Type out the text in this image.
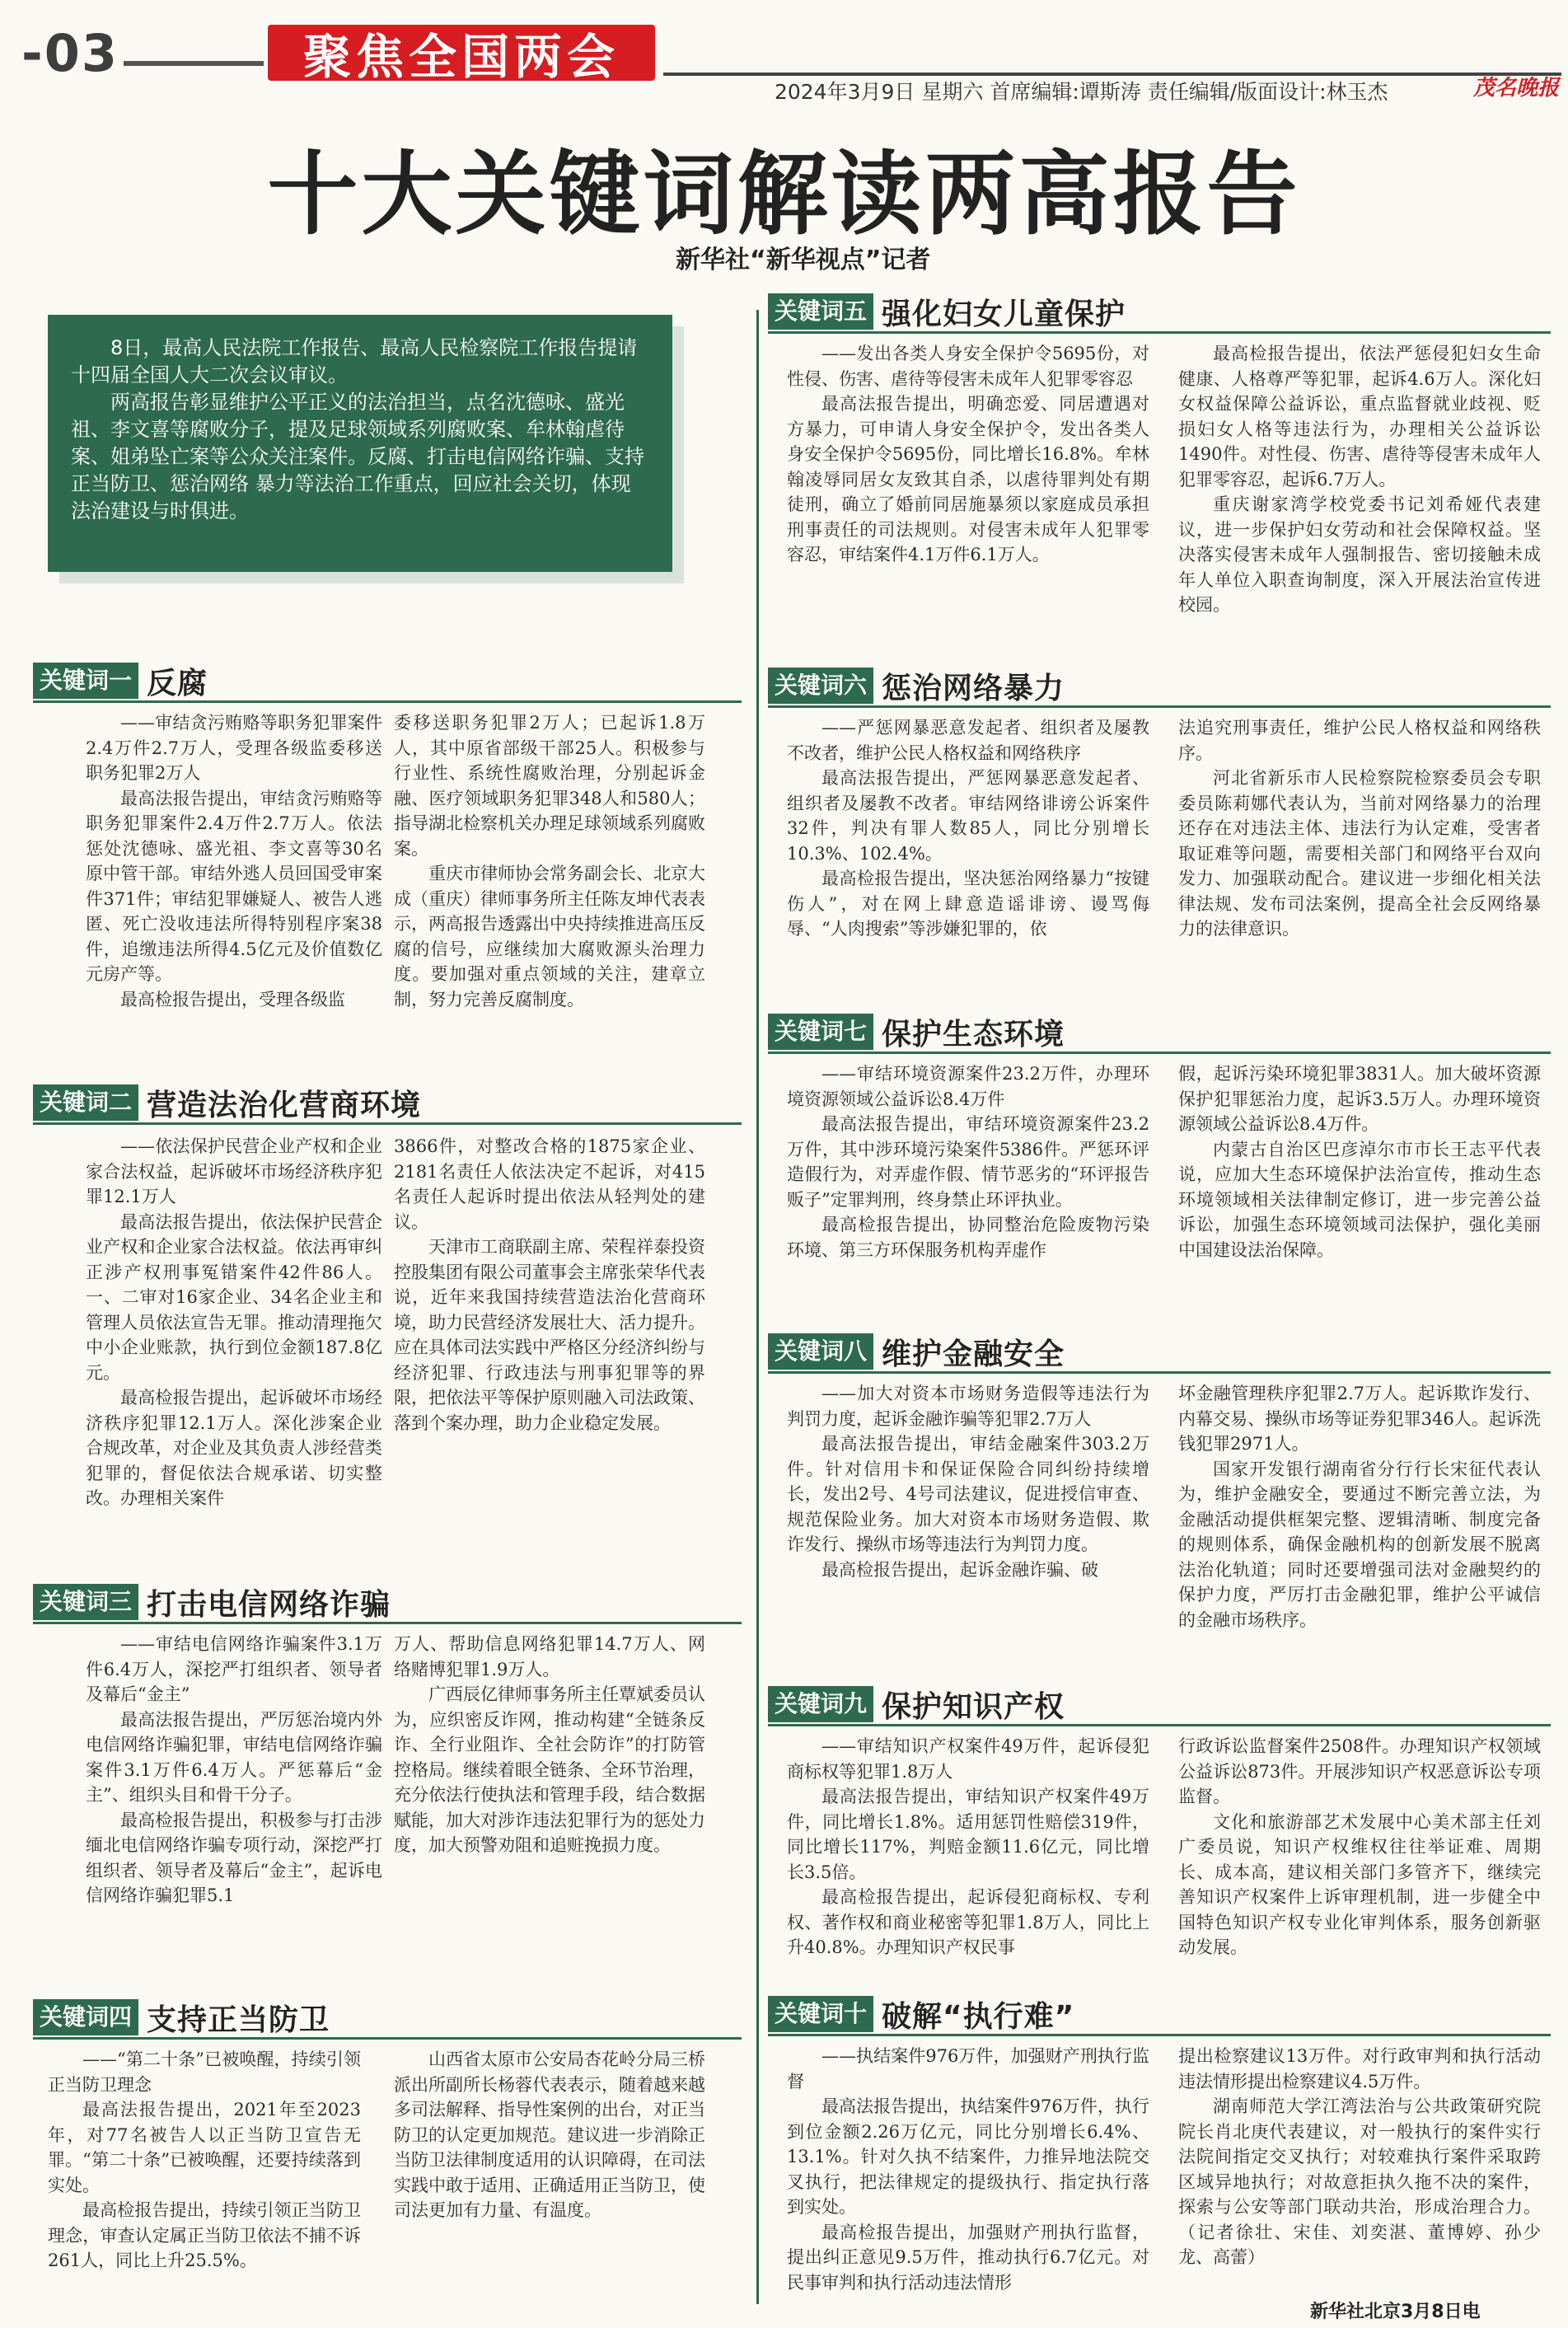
-03	聚焦全国两会
2024年3月9日 星期六 首席编辑:谭斯涛 责任编辑/版面设计:林玉杰	茂名晚报
十大关键词解读两高报告
新华社“新华视点”记者

8日，最高人民法院工作报告、最高人民检察院工作报告提请十四届全国人大二次会议审议。

两高报告彰显维护公平正义的法治担当，点名沈德咏、盛光祖、李文喜等腐败分子，提及足球领域系列腐败案、牟林翰虐待案、姐弟坠亡案等公众关注案件。反腐、打击电信网络诈骗、支持正当防卫、惩治网络 暴力等法治工作重点，回应社会关切，体现法治建设与时俱进。

关键词一 反腐

——审结贪污贿赂等职务犯罪案件2.4万件2.7万人，受理各级监委移送职务犯罪2万人

最高法报告提出，审结贪污贿赂等职务犯罪案件2.4万件2.7万人。依法惩处沈德咏、盛光祖、李文喜等30名原中管干部。审结外逃人员回国受审案件371件；审结犯罪嫌疑人、被告人逃匿、死亡没收违法所得特别程序案38件，追缴违法所得4.5亿元及价值数亿元房产等。

最高检报告提出，受理各级监

委移送职务犯罪2万人；已起诉1.8万人，其中原省部级干部25人。积极参与行业性、系统性腐败治理，分别起诉金融、医疗领域职务犯罪348人和580人；指导湖北检察机关办理足球领域系列腐败案。

重庆市律师协会常务副会长、北京大成（重庆）律师事务所主任陈友坤代表表示，两高报告透露出中央持续推进高压反腐的信号，应继续加大腐败源头治理力度。要加强对重点领域的关注，建章立制，努力完善反腐制度。

关键词二 营造法治化营商环境

——依法保护民营企业产权和企业家合法权益，起诉破坏市场经济秩序犯罪12.1万人

最高法报告提出，依法保护民营企业产权和企业家合法权益。依法再审纠正涉产权刑事冤错案件42件86人。一、二审对16家企业、34名企业主和管理人员依法宣告无罪。推动清理拖欠中小企业账款，执行到位金额187.8亿元。

最高检报告提出，起诉破坏市场经济秩序犯罪12.1万人。深化涉案企业合规改革，对企业及其负责人涉经营类犯罪的，督促依法合规承诺、切实整改。办理相关案件

3866件，对整改合格的1875家企业、2181名责任人依法决定不起诉，对415名责任人起诉时提出依法从轻判处的建议。

天津市工商联副主席、荣程祥泰投资控股集团有限公司董事会主席张荣华代表说，近年来我国持续营造法治化营商环境，助力民营经济发展壮大、活力提升。应在具体司法实践中严格区分经济纠纷与经济犯罪、行政违法与刑事犯罪等的界限，把依法平等保护原则融入司法政策、落到个案办理，助力企业稳定发展。

关键词三 打击电信网络诈骗

——审结电信网络诈骗案件3.1万件6.4万人，深挖严打组织者、领导者及幕后“金主”

最高法报告提出，严厉惩治境内外电信网络诈骗犯罪，审结电信网络诈骗案件3.1万件6.4万人。严惩幕后“金主”、组织头目和骨干分子。

最高检报告提出，积极参与打击涉缅北电信网络诈骗专项行动，深挖严打组织者、领导者及幕后“金主”，起诉电信网络诈骗犯罪5.1

万人、帮助信息网络犯罪14.7万人、网络赌博犯罪1.9万人。

广西辰亿律师事务所主任覃斌委员认为，应织密反诈网，推动构建“全链条反诈、全行业阻诈、全社会防诈”的打防管控格局。继续着眼全链条、全环节治理，充分依法行使执法和管理手段，结合数据赋能，加大对涉诈违法犯罪行为的惩处力度，加大预警劝阻和追赃挽损力度。

关键词四 支持正当防卫

——“第二十条”已被唤醒，持续引领正当防卫理念

最高法报告提出，2021年至2023年，对77名被告人以正当防卫宣告无罪。“第二十条”已被唤醒，还要持续落到实处。

最高检报告提出，持续引领正当防卫理念，审查认定属正当防卫依法不捕不诉261人，同比上升25.5%。

山西省太原市公安局杏花岭分局三桥派出所副所长杨蓉代表表示，随着越来越多司法解释、指导性案例的出台，对正当防卫的认定更加规范。建议进一步消除正当防卫法律制度适用的认识障碍，在司法实践中敢于适用、正确适用正当防卫，使司法更加有力量、有温度。

关键词五 强化妇女儿童保护

——发出各类人身安全保护令5695份，对性侵、伤害、虐待等侵害未成年人犯罪零容忍

最高法报告提出，明确恋爱、同居遭遇对方暴力，可申请人身安全保护令，发出各类人身安全保护令5695份，同比增长16.8%。牟林翰凌辱同居女友致其自杀，以虐待罪判处有期徒刑，确立了婚前同居施暴须以家庭成员承担刑事责任的司法规则。对侵害未成年人犯罪零容忍，审结案件4.1万件6.1万人。

最高检报告提出，依法严惩侵犯妇女生命健康、人格尊严等犯罪，起诉4.6万人。深化妇女权益保障公益诉讼，重点监督就业歧视、贬损妇女人格等违法行为，办理相关公益诉讼1490件。对性侵、伤害、虐待等侵害未成年人犯罪零容忍，起诉6.7万人。

重庆谢家湾学校党委书记刘希娅代表建议，进一步保护妇女劳动和社会保障权益。坚决落实侵害未成年人强制报告、密切接触未成年人单位入职查询制度，深入开展法治宣传进校园。

关键词六 惩治网络暴力

——严惩网暴恶意发起者、组织者及屡教不改者，维护公民人格权益和网络秩序

最高法报告提出，严惩网暴恶意发起者、组织者及屡教不改者。审结网络诽谤公诉案件32件，判决有罪人数85人，同比分别增长10.3%、102.4%。

最高检报告提出，坚决惩治网络暴力“按键伤人”，对在网上肆意造谣诽谤、谩骂侮辱、“人肉搜索”等涉嫌犯罪的，依

法追究刑事责任，维护公民人格权益和网络秩序。

河北省新乐市人民检察院检察委员会专职委员陈莉娜代表认为，当前对网络暴力的治理还存在对违法主体、违法行为认定难，受害者取证难等问题，需要相关部门和网络平台双向发力、加强联动配合。建议进一步细化相关法律法规、发布司法案例，提高全社会反网络暴力的法律意识。

关键词七 保护生态环境

——审结环境资源案件23.2万件，办理环境资源领域公益诉讼8.4万件

最高法报告提出，审结环境资源案件23.2万件，其中涉环境污染案件5386件。严惩环评造假行为，对弄虚作假、情节恶劣的“环评报告贩子”定罪判刑，终身禁止环评执业。

最高检报告提出，协同整治危险废物污染环境、第三方环保服务机构弄虚作

假，起诉污染环境犯罪3831人。加大破坏资源保护犯罪惩治力度，起诉3.5万人。办理环境资源领域公益诉讼8.4万件。

内蒙古自治区巴彦淖尔市市长王志平代表说，应加大生态环境保护法治宣传，推动生态环境领域相关法律制定修订，进一步完善公益诉讼，加强生态环境领域司法保护，强化美丽中国建设法治保障。

关键词八 维护金融安全

——加大对资本市场财务造假等违法行为判罚力度，起诉金融诈骗等犯罪2.7万人

最高法报告提出，审结金融案件303.2万件。针对信用卡和保证保险合同纠纷持续增长，发出2号、4号司法建议，促进授信审查、规范保险业务。加大对资本市场财务造假、欺诈发行、操纵市场等违法行为判罚力度。

最高检报告提出，起诉金融诈骗、破

坏金融管理秩序犯罪2.7万人。起诉欺诈发行、内幕交易、操纵市场等证券犯罪346人。起诉洗钱犯罪2971人。

国家开发银行湖南省分行行长宋征代表认为，维护金融安全，要通过不断完善立法，为金融活动提供框架完整、逻辑清晰、制度完备的规则体系，确保金融机构的创新发展不脱离法治化轨道；同时还要增强司法对金融契约的保护力度，严厉打击金融犯罪，维护公平诚信的金融市场秩序。

关键词九 保护知识产权

——审结知识产权案件49万件，起诉侵犯商标权等犯罪1.8万人

最高法报告提出，审结知识产权案件49万件，同比增长1.8%。适用惩罚性赔偿319件，同比增长117%，判赔金额11.6亿元，同比增长3.5倍。

最高检报告提出，起诉侵犯商标权、专利权、著作权和商业秘密等犯罪1.8万人，同比上升40.8%。办理知识产权民事

行政诉讼监督案件2508件。办理知识产权领域公益诉讼873件。开展涉知识产权恶意诉讼专项监督。

文化和旅游部艺术发展中心美术部主任刘广委员说，知识产权维权往往举证难、周期长、成本高，建议相关部门多管齐下，继续完善知识产权案件上诉审理机制，进一步健全中国特色知识产权专业化审判体系，服务创新驱动发展。

关键词十 破解“执行难”

——执结案件976万件，加强财产刑执行监督

最高法报告提出，执结案件976万件，执行到位金额2.26万亿元，同比分别增长6.4%、13.1%。针对久执不结案件，力推异地法院交叉执行，把法律规定的提级执行、指定执行落到实处。

最高检报告提出，加强财产刑执行监督，提出纠正意见9.5万件，推动执行6.7亿元。对民事审判和执行活动违法情形

提出检察建议13万件。对行政审判和执行活动违法情形提出检察建议4.5万件。

湖南师范大学江湾法治与公共政策研究院院长肖北庚代表建议，对一般执行的案件实行法院间指定交叉执行；对较难执行案件采取跨区域异地执行；对故意拒执久拖不决的案件，探索与公安等部门联动共治，形成治理合力。（记者徐壮、宋佳、刘奕湛、董博婷、孙少龙、高蕾）

新华社北京3月8日电
